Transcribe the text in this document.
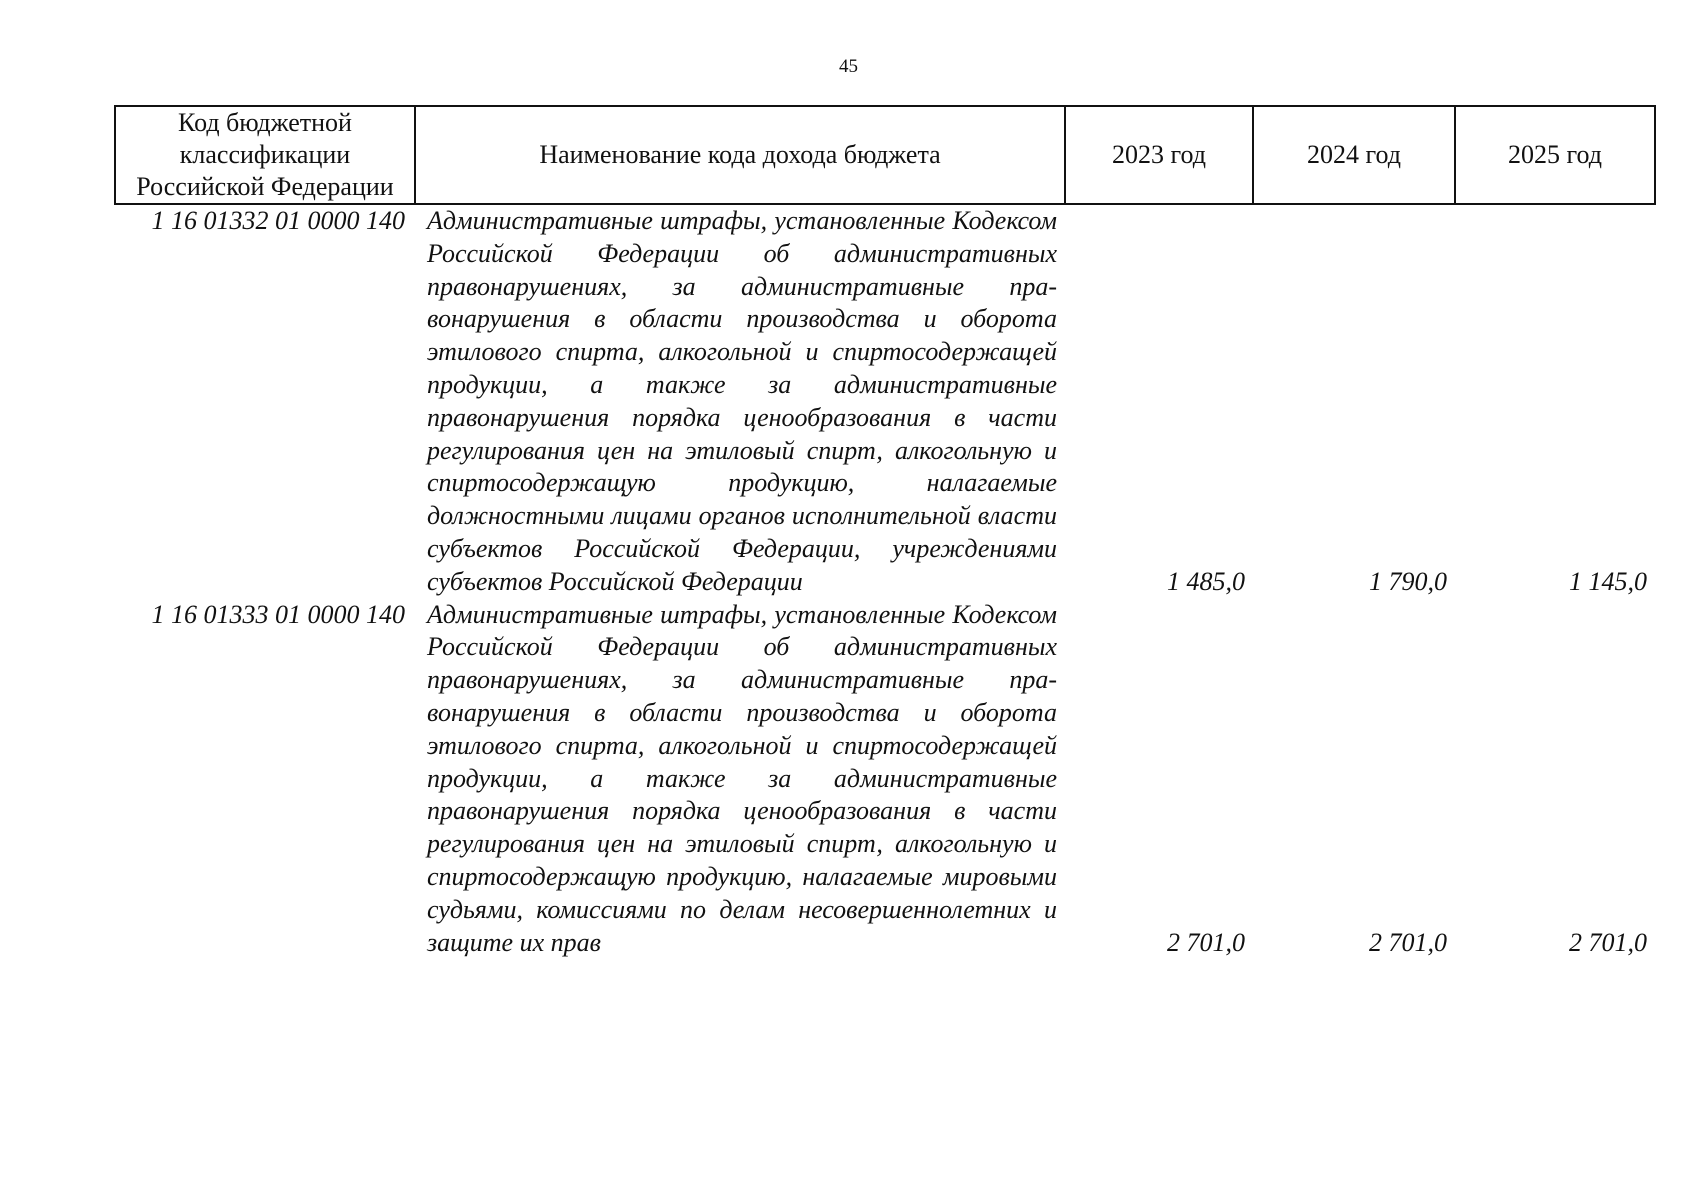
45
Код бюджетной классификации Российской Федерации	Наименование кода дохода бюджета	2023 год	2024 год	2025 год
1 16 01332 01 0000 140	Административные штрафы, установленные Кодексом Российской Федерации об административных правонарушениях, за административные правонарушения в области производства и оборота этилового спирта, алкогольной и спиртосодержащей продукции, а также за административные правонарушения порядка ценообразования в части регулирования цен на этиловый спирт, алкогольную и спиртосодержащую продукцию, налагаемые должностными лицами органов исполнительной власти субъектов Российской Федерации, учреждениями субъектов Российской Федерации	1 485,0	1 790,0	1 145,0
1 16 01333 01 0000 140	Административные штрафы, установленные Кодексом Российской Федерации об административных правонарушениях, за административные правонарушения в области производства и оборота этилового спирта, алкогольной и спиртосодержащей продукции, а также за административные правонарушения порядка ценообразования в части регулирования цен на этиловый спирт, алкогольную и спиртосодержащую продукцию, налагаемые мировыми судьями, комиссиями по делам несовершеннолетних и защите их прав	2 701,0	2 701,0	2 701,0
